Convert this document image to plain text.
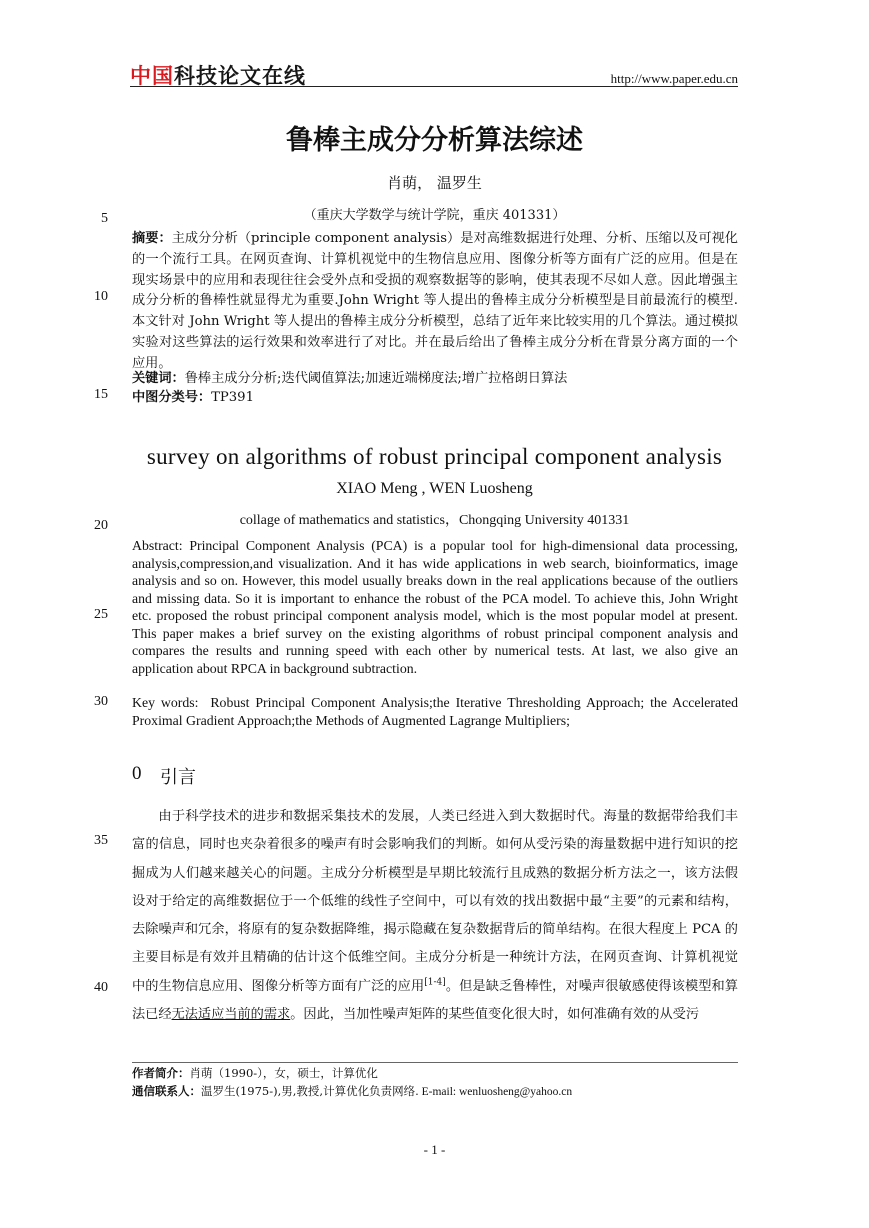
中国科技论文在线	http://www.paper.edu.cn
鲁棒主成分分析算法综述
肖萌， 温罗生
（重庆大学数学与统计学院，重庆 401331）
5
10
15
20
25
30
35
40

摘要：主成分分析（principle component analysis）是对高维数据进行处理、分析、压缩以及可视化的一个流行工具。在网页查询、计算机视觉中的生物信息应用、图像分析等方面有广泛的应用。但是在现实场景中的应用和表现往往会受外点和受损的观察数据等的影响，使其表现不尽如人意。因此增强主成分分析的鲁棒性就显得尤为重要.John Wright 等人提出的鲁棒主成分分析模型是目前最流行的模型.本文针对 John Wright 等人提出的鲁棒主成分分析模型，总结了近年来比较实用的几个算法。通过模拟实验对这些算法的运行效果和效率进行了对比。并在最后给出了鲁棒主成分分析在背景分离方面的一个应用。

关键词：鲁棒主成分分析;迭代阈值算法;加速近端梯度法;增广拉格朗日算法

中图分类号：TP391

survey on algorithms of robust principal component analysis
XIAO Meng , WEN Luosheng
collage of mathematics and statistics，Chongqing University 401331

Abstract: Principal Component Analysis (PCA) is a popular tool for high-dimensional data processing, analysis,compression,and visualization. And it has wide applications in web search, bioinformatics, image analysis and so on. However, this model usually breaks down in the real applications because of the outliers and missing data. So it is important to enhance the robust of the PCA model. To achieve this, John Wright etc. proposed the robust principal component analysis model, which is the most popular model at present. This paper makes a brief survey on the existing algorithms of robust principal component analysis and compares the results and running speed with each other by numerical tests. At last, we also give an application about RPCA in background subtraction.

Key words: Robust Principal Component Analysis;the Iterative Thresholding Approach; the Accelerated Proximal Gradient Approach;the Methods of Augmented Lagrange Multipliers;

0 引言

由于科学技术的进步和数据采集技术的发展，人类已经进入到大数据时代。海量的数据带给我们丰富的信息，同时也夹杂着很多的噪声有时会影响我们的判断。如何从受污染的海量数据中进行知识的挖掘成为人们越来越关心的问题。主成分分析模型是早期比较流行且成熟的数据分析方法之一，该方法假设对于给定的高维数据位于一个低维的线性子空间中，可以有效的找出数据中最“主要”的元素和结构，去除噪声和冗余，将原有的复杂数据降维，揭示隐藏在复杂数据背后的简单结构。在很大程度上 PCA 的主要目标是有效并且精确的估计这个低维空间。主成分分析是一种统计方法，在网页查询、计算机视觉中的生物信息应用、图像分析等方面有广泛的应用[1-4]。但是缺乏鲁棒性，对噪声很敏感使得该模型和算法已经无法适应当前的需求。因此，当加性噪声矩阵的某些值变化很大时，如何准确有效的从受污

作者简介：肖萌（1990-），女，硕士，计算优化
通信联系人：温罗生(1975-),男,教授,计算优化负责网络. E-mail: wenluosheng@yahoo.cn
- 1 -
